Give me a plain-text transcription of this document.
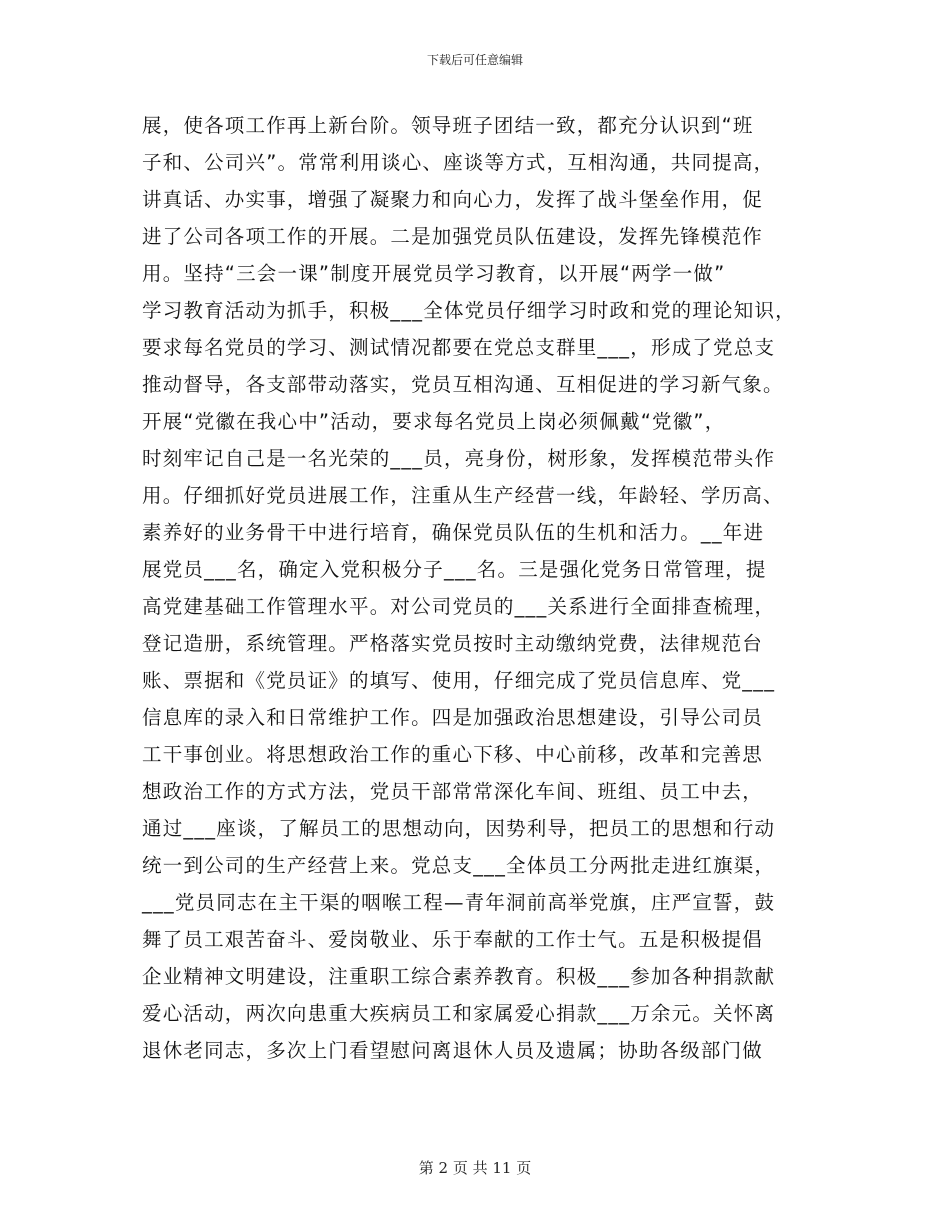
下载后可任意编辑
展，使各项工作再上新台阶。领导班子团结一致，都充分认识到“班
子和、公司兴”。常常利用谈心、座谈等方式，互相沟通，共同提高，
讲真话、办实事，增强了凝聚力和向心力，发挥了战斗堡垒作用，促
进了公司各项工作的开展。二是加强党员队伍建设，发挥先锋模范作
用。坚持“三会一课”制度开展党员学习教育，以开展“两学一做”
学习教育活动为抓手，积极___全体党员仔细学习时政和党的理论知识，
要求每名党员的学习、测试情况都要在党总支群里___，形成了党总支
推动督导，各支部带动落实，党员互相沟通、互相促进的学习新气象。
开展“党徽在我心中”活动，要求每名党员上岗必须佩戴“党徽”，
时刻牢记自己是一名光荣的___员，亮身份，树形象，发挥模范带头作
用。仔细抓好党员进展工作，注重从生产经营一线，年龄轻、学历高、
素养好的业务骨干中进行培育，确保党员队伍的生机和活力。__年进
展党员___名，确定入党积极分子___名。三是强化党务日常管理，提
高党建基础工作管理水平。对公司党员的___关系进行全面排查梳理，
登记造册，系统管理。严格落实党员按时主动缴纳党费，法律规范台
账、票据和《党员证》的填写、使用，仔细完成了党员信息库、党___
信息库的录入和日常维护工作。四是加强政治思想建设，引导公司员
工干事创业。将思想政治工作的重心下移、中心前移，改革和完善思
想政治工作的方式方法，党员干部常常深化车间、班组、员工中去，
通过___座谈，了解员工的思想动向，因势利导，把员工的思想和行动
统一到公司的生产经营上来。党总支___全体员工分两批走进红旗渠，
___党员同志在主干渠的咽喉工程—青年洞前高举党旗，庄严宣誓，鼓
舞了员工艰苦奋斗、爱岗敬业、乐于奉献的工作士气。五是积极提倡
企业精神文明建设，注重职工综合素养教育。积极___参加各种捐款献
爱心活动，两次向患重大疾病员工和家属爱心捐款___万余元。关怀离
退休老同志，多次上门看望慰问离退休人员及遗属；协助各级部门做
第 2 页 共 11 页
